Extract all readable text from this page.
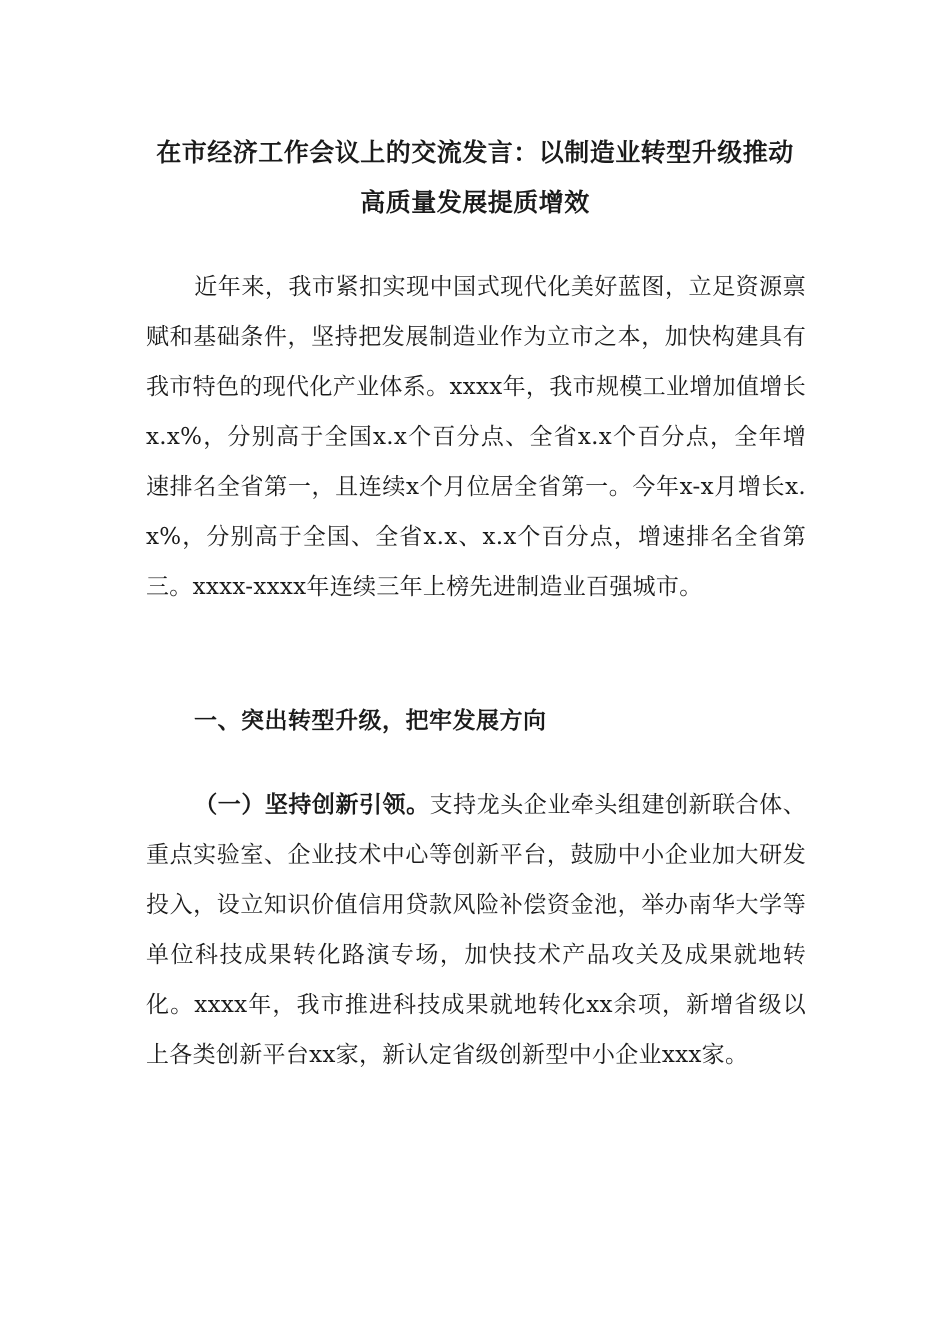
在市经济工作会议上的交流发言：以制造业转型升级推动
高质量发展提质增效
近年来，我市紧扣实现中国式现代化美好蓝图，立足资源禀赋和基础条件，坚持把发展制造业作为立市之本，加快构建具有我市特色的现代化产业体系。xxxx年，我市规模工业增加值增长x.x%，分别高于全国x.x个百分点、全省x.x个百分点，全年增速排名全省第一，且连续x个月位居全省第一。今年x-x月增长x.x%，分别高于全国、全省x.x、x.x个百分点，增速排名全省第三。xxxx-xxxx年连续三年上榜先进制造业百强城市。
一、突出转型升级，把牢发展方向
（一）坚持创新引领。支持龙头企业牵头组建创新联合体、重点实验室、企业技术中心等创新平台，鼓励中小企业加大研发投入，设立知识价值信用贷款风险补偿资金池，举办南华大学等单位科技成果转化路演专场，加快技术产品攻关及成果就地转化。xxxx年，我市推进科技成果就地转化xx余项，新增省级以上各类创新平台xx家，新认定省级创新型中小企业xxx家。
